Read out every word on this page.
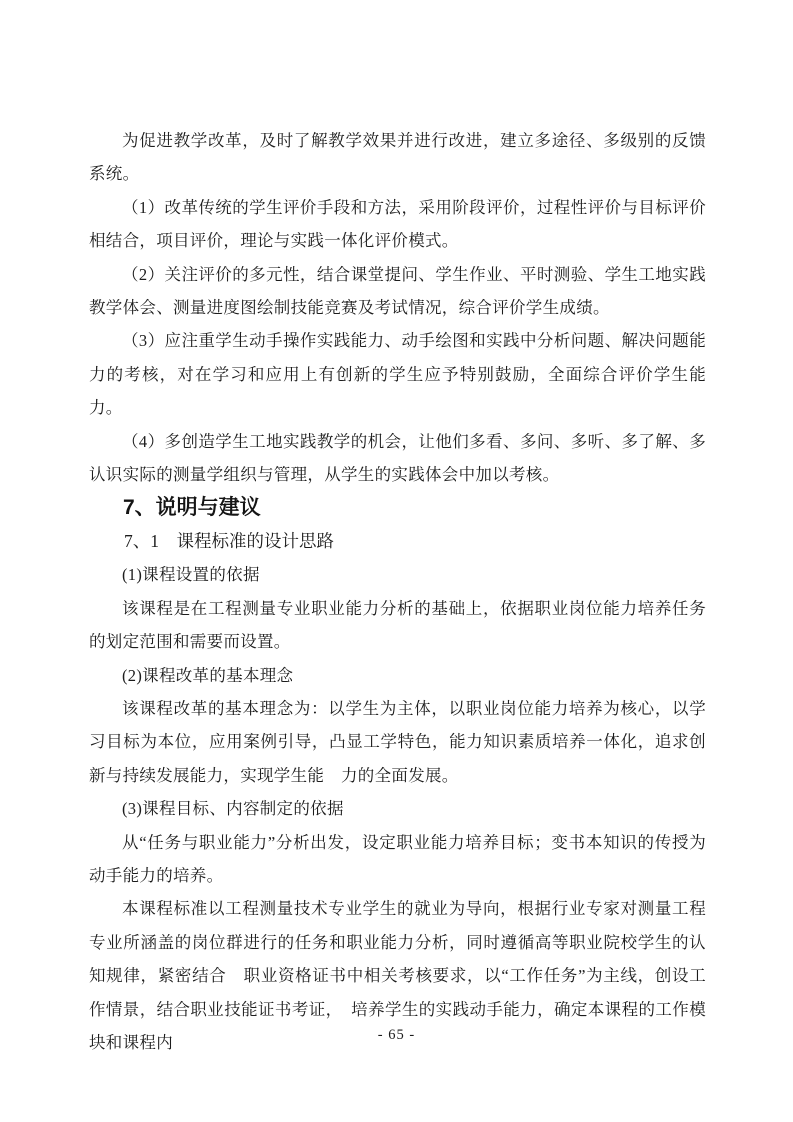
为促进教学改革，及时了解教学效果并进行改进，建立多途径、多级别的反馈系统。

（1）改革传统的学生评价手段和方法，采用阶段评价，过程性评价与目标评价相结合，项目评价，理论与实践一体化评价模式。

（2）关注评价的多元性，结合课堂提问、学生作业、平时测验、学生工地实践教学体会、测量进度图绘制技能竞赛及考试情况，综合评价学生成绩。

（3）应注重学生动手操作实践能力、动手绘图和实践中分析问题、解决问题能力的考核，对在学习和应用上有创新的学生应予特别鼓励，全面综合评价学生能力。

（4）多创造学生工地实践教学的机会，让他们多看、多问、多听、多了解、多认识实际的测量学组织与管理，从学生的实践体会中加以考核。

7、说明与建议
7、1　课程标准的设计思路

(1)课程设置的依据

该课程是在工程测量专业职业能力分析的基础上，依据职业岗位能力培养任务的划定范围和需要而设置。

(2)课程改革的基本理念

该课程改革的基本理念为：以学生为主体，以职业岗位能力培养为核心，以学习目标为本位，应用案例引导，凸显工学特色，能力知识素质培养一体化，追求创新与持续发展能力，实现学生能　力的全面发展。

(3)课程目标、内容制定的依据

从“任务与职业能力”分析出发，设定职业能力培养目标；变书本知识的传授为动手能力的培养。

本课程标准以工程测量技术专业学生的就业为导向，根据行业专家对测量工程专业所涵盖的岗位群进行的任务和职业能力分析，同时遵循高等职业院校学生的认知规律，紧密结合　职业资格证书中相关考核要求，以“工作任务”为主线，创设工作情景，结合职业技能证书考证，　培养学生的实践动手能力，确定本课程的工作模块和课程内	- 65 -
